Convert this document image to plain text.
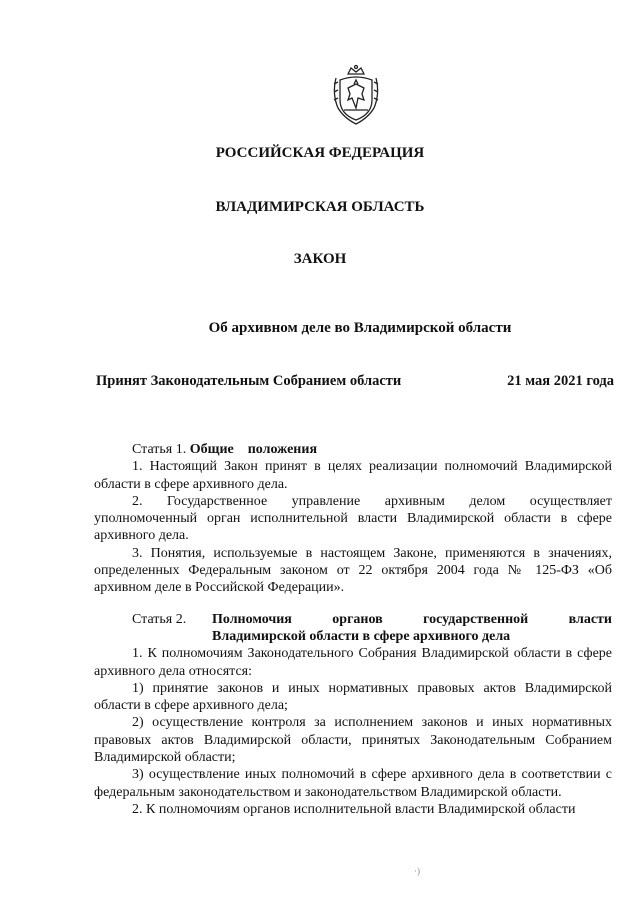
РОССИЙСКАЯ ФЕДЕРАЦИЯ
ВЛАДИМИРСКАЯ ОБЛАСТЬ
ЗАКОН
Об архивном деле во Владимирской области
Принят Законодательным Собранием области	21 мая 2021 года
Статья 1. Общие    положения

1. Настоящий Закон принят в целях реализации полномочий Владимирской области в сфере архивного дела.

2. Государственное управление архивным делом осуществляет уполномоченный орган исполнительной власти Владимирской области в сфере архивного дела.

3. Понятия, используемые в настоящем Законе, применяются в значениях, определенных Федеральным законом от 22 октября 2004 года № 125-ФЗ «Об архивном деле в Российской Федерации».

Статья 2.	Полномочия органов государственной власти
Владимирской области в сфере архивного дела

1. К полномочиям Законодательного Собрания Владимирской области в сфере архивного дела относятся:

1) принятие законов и иных нормативных правовых актов Владимирской области в сфере архивного дела;

2) осуществление контроля за исполнением законов и иных нормативных правовых актов Владимирской области, принятых Законодательным Собранием Владимирской области;

3) осуществление иных полномочий в сфере архивного дела в соответствии с федеральным законодательством и законодательством Владимирской области.

2. К полномочиям органов исполнительной власти Владимирской области

·)
